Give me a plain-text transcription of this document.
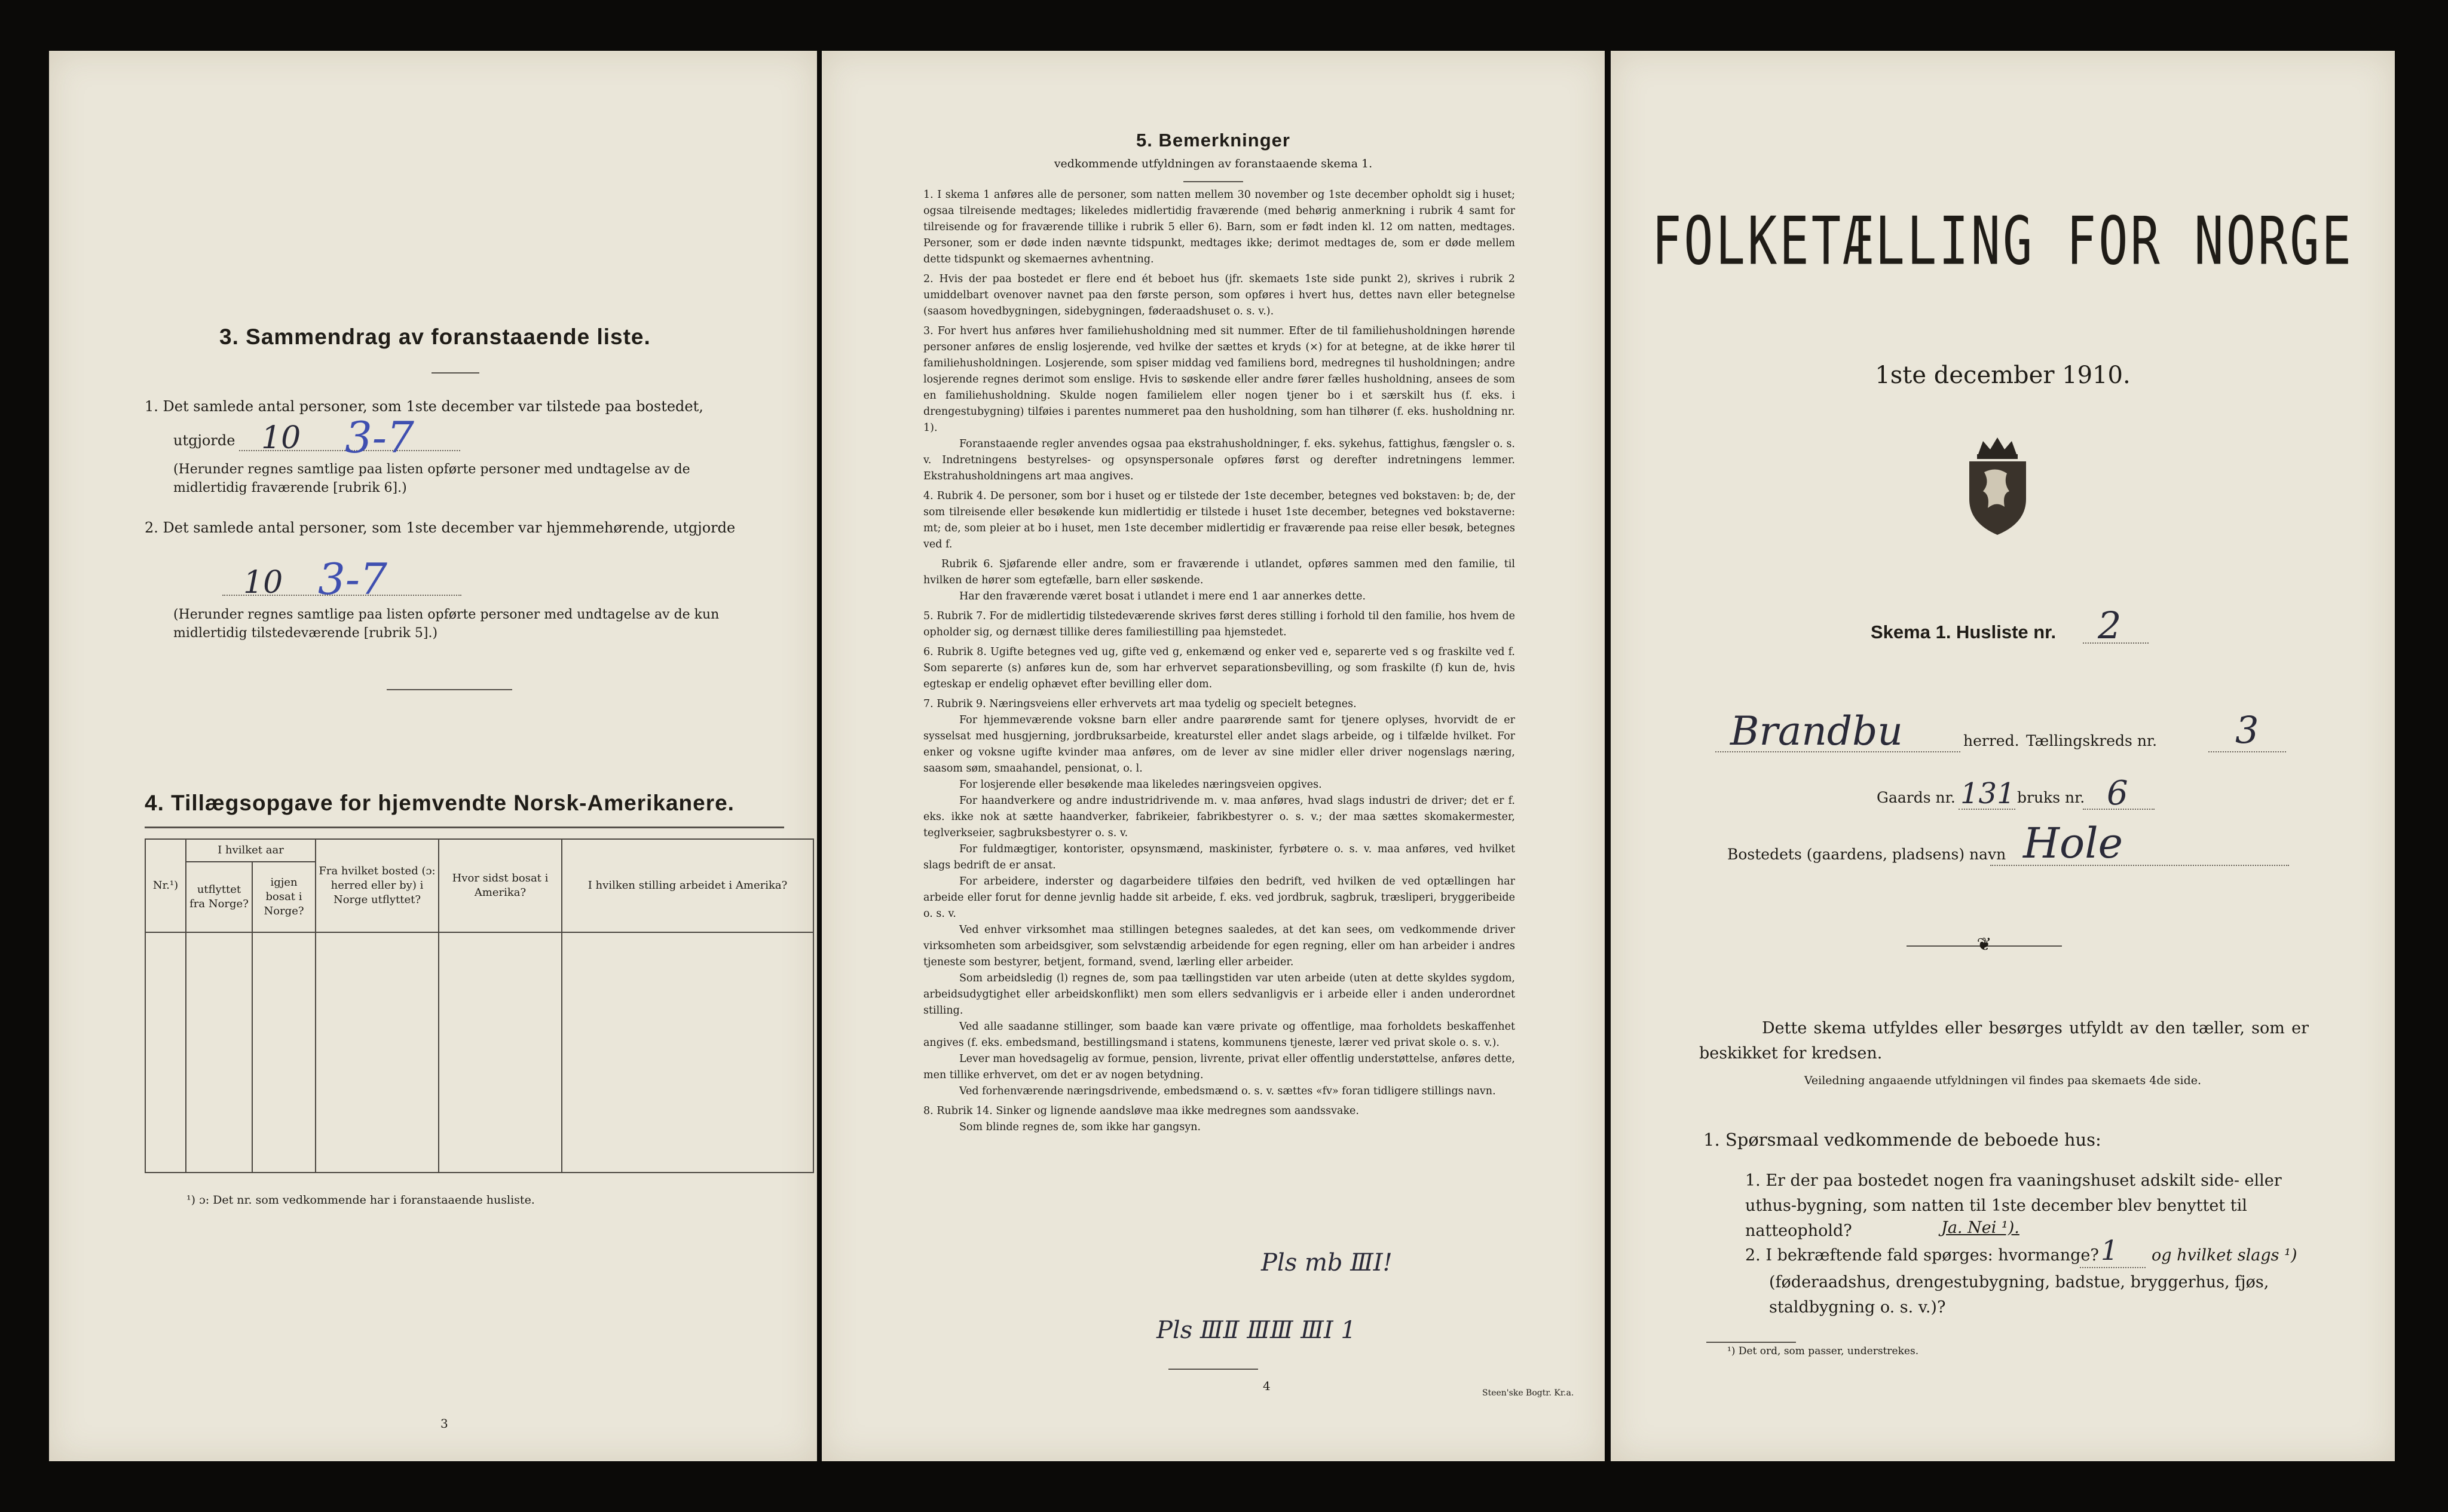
3. Sammendrag av foranstaaende liste.
1. Det samlede antal personer, som 1ste december var tilstede paa bostedet,
utgjorde 10 3-7
(Herunder regnes samtlige paa listen opførte personer med undtagelse av de midlertidig fraværende [rubrik 6].)
2. Det samlede antal personer, som 1ste december var hjemmehørende, utgjorde
10 3-7
(Herunder regnes samtlige paa listen opførte personer med undtagelse av de kun midlertidig tilstedeværende [rubrik 5].)
4. Tillægsopgave for hjemvendte Norsk-Amerikanere.
Nr.¹)	I hvilket aar		Fra hvilket bosted (ɔ: herred eller by) i Norge utflyttet?	Hvor sidst bosat i Amerika?	I hvilken stilling arbeidet i Amerika?
	utflyttet fra Norge?	igjen bosat i Norge?			

¹) ɔ: Det nr. som vedkommende har i foranstaaende husliste.
3
5. Bemerkninger
vedkommende utfyldningen av foranstaaende skema 1.

1. I skema 1 anføres alle de personer, som natten mellem 30 november og 1ste december opholdt sig i huset; ogsaa tilreisende medtages; likeledes midlertidig fraværende (med behørig anmerkning i rubrik 4 samt for tilreisende og for fraværende tillike i rubrik 5 eller 6). Barn, som er født inden kl. 12 om natten, medtages. Personer, som er døde inden nævnte tidspunkt, medtages ikke; derimot medtages de, som er døde mellem dette tidspunkt og skemaernes avhentning.

2. Hvis der paa bostedet er flere end ét beboet hus (jfr. skemaets 1ste side punkt 2), skrives i rubrik 2 umiddelbart ovenover navnet paa den første person, som opføres i hvert hus, dettes navn eller betegnelse (saasom hovedbygningen, sidebygningen, føderaadshuset o. s. v.).

3. For hvert hus anføres hver familiehusholdning med sit nummer. Efter de til familiehusholdningen hørende personer anføres de enslig losjerende, ved hvilke der sættes et kryds (×) for at betegne, at de ikke hører til familiehusholdningen. Losjerende, som spiser middag ved familiens bord, medregnes til husholdningen; andre losjerende regnes derimot som enslige. Hvis to søskende eller andre fører fælles husholdning, ansees de som en familiehusholdning. Skulde nogen familielem eller nogen tjener bo i et særskilt hus (f. eks. i drengestubygning) tilføies i parentes nummeret paa den husholdning, som han tilhører (f. eks. husholdning nr. 1).

Foranstaaende regler anvendes ogsaa paa ekstrahusholdninger, f. eks. sykehus, fattighus, fængsler o. s. v. Indretningens bestyrelses- og opsynspersonale opføres først og derefter indretningens lemmer. Ekstrahusholdningens art maa angives.

4. Rubrik 4. De personer, som bor i huset og er tilstede der 1ste december, betegnes ved bokstaven: b; de, der som tilreisende eller besøkende kun midlertidig er tilstede i huset 1ste december, betegnes ved bokstaverne: mt; de, som pleier at bo i huset, men 1ste december midlertidig er fraværende paa reise eller besøk, betegnes ved f.

Rubrik 6. Sjøfarende eller andre, som er fraværende i utlandet, opføres sammen med den familie, til hvilken de hører som egtefælle, barn eller søskende.

Har den fraværende været bosat i utlandet i mere end 1 aar annerkes dette.

5. Rubrik 7. For de midlertidig tilstedeværende skrives først deres stilling i forhold til den familie, hos hvem de opholder sig, og dernæst tillike deres familiestilling paa hjemstedet.

6. Rubrik 8. Ugifte betegnes ved ug, gifte ved g, enkemænd og enker ved e, separerte ved s og fraskilte ved f. Som separerte (s) anføres kun de, som har erhvervet separationsbevilling, og som fraskilte (f) kun de, hvis egteskap er endelig ophævet efter bevilling eller dom.

7. Rubrik 9. Næringsveiens eller erhvervets art maa tydelig og specielt betegnes.

For hjemmeværende voksne barn eller andre paarørende samt for tjenere oplyses, hvorvidt de er sysselsat med husgjerning, jordbruksarbeide, kreaturstel eller andet slags arbeide, og i tilfælde hvilket. For enker og voksne ugifte kvinder maa anføres, om de lever av sine midler eller driver nogenslags næring, saasom søm, smaahandel, pensionat, o. l.

For losjerende eller besøkende maa likeledes næringsveien opgives.

For haandverkere og andre industridrivende m. v. maa anføres, hvad slags industri de driver; det er f. eks. ikke nok at sætte haandverker, fabrikeier, fabrikbestyrer o. s. v.; der maa sættes skomakermester, teglverkseier, sagbruksbestyrer o. s. v.

For fuldmægtiger, kontorister, opsynsmænd, maskinister, fyrbøtere o. s. v. maa anføres, ved hvilket slags bedrift de er ansat.

For arbeidere, inderster og dagarbeidere tilføies den bedrift, ved hvilken de ved optællingen har arbeide eller forut for denne jevnlig hadde sit arbeide, f. eks. ved jordbruk, sagbruk, træsliperi, bryggeribeide o. s. v.

Ved enhver virksomhet maa stillingen betegnes saaledes, at det kan sees, om vedkommende driver virksomheten som arbeidsgiver, som selvstændig arbeidende for egen regning, eller om han arbeider i andres tjeneste som bestyrer, betjent, formand, svend, lærling eller arbeider.

Som arbeidsledig (l) regnes de, som paa tællingstiden var uten arbeide (uten at dette skyldes sygdom, arbeidsudygtighet eller arbeidskonflikt) men som ellers sedvanligvis er i arbeide eller i anden underordnet stilling.

Ved alle saadanne stillinger, som baade kan være private og offentlige, maa forholdets beskaffenhet angives (f. eks. embedsmand, bestillingsmand i statens, kommunens tjeneste, lærer ved privat skole o. s. v.).

Lever man hovedsagelig av formue, pension, livrente, privat eller offentlig understøttelse, anføres dette, men tillike erhvervet, om det er av nogen betydning.

Ved forhenværende næringsdrivende, embedsmænd o. s. v. sættes «fv» foran tidligere stillings navn.

8. Rubrik 14. Sinker og lignende aandsløve maa ikke medregnes som aandssvake.

Som blinde regnes de, som ikke har gangsyn.

Pls mb ⅢⅠ!
Pls ⅢⅡ ⅢⅢ ⅢⅠ 1
4	Steen'ske Bogtr. Kr.a.
FOLKETÆLLING FOR NORGE
1ste december 1910.
Skema 1. Husliste nr. 2
Brandbu	herred. Tællingskreds nr. 3
Gaards nr. 131 bruks nr. 6
Bostedets (gaardens, pladsens) navn Hole
❦
Dette skema utfyldes eller besørges utfyldt av den tæller, som er beskikket for kredsen.
Veiledning angaaende utfyldningen vil findes paa skemaets 4de side.
1. Spørsmaal vedkommende de beboede hus:
1. Er der paa bostedet nogen fra vaaningshuset adskilt side- eller uthus-bygning, som natten til 1ste december blev benyttet til natteophold?	Ja. Nei ¹).
2. I bekræftende fald spørges: hvormange? 1 og hvilket slags ¹)
(føderaadshus, drengestubygning, badstue, bryggerhus, fjøs, staldbygning o. s. v.)?
¹) Det ord, som passer, understrekes.
